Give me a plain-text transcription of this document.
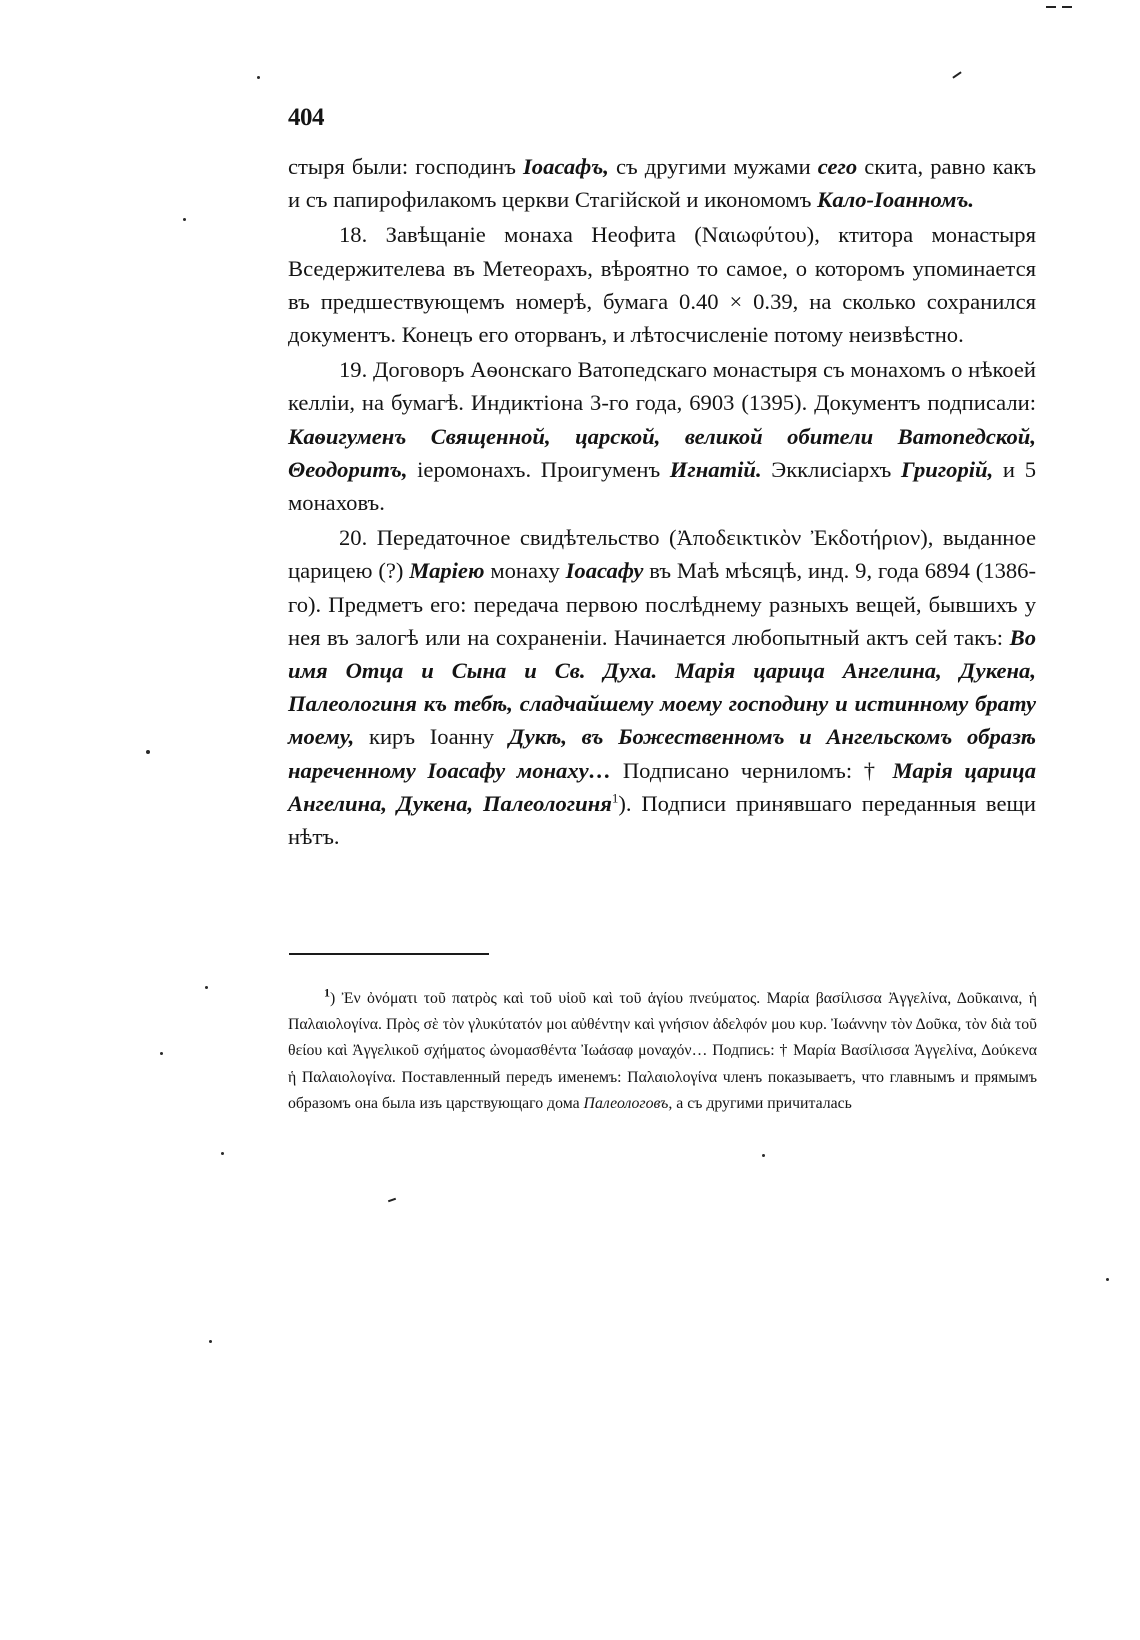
404

стыря были: господинъ Іоасафъ, съ другими мужами сего скита, равно какъ и съ папирофилакомъ церкви Стагійской и икономомъ Кало-Іоанномъ.

18. Завѣщаніе монаха Неофита (Ναιωφύτου), ктитора монастыря Вседержителева въ Метеорахъ, вѣроятно то самое, о которомъ упоминается въ предшествующемъ номерѣ, бумага 0.40 × 0.39, на сколько сохранился документъ. Конецъ его оторванъ, и лѣтосчисленіе потому неизвѣстно.

19. Договоръ Аѳонскаго Ватопедскаго монастыря съ монахомъ о нѣкоей келліи, на бумагѣ. Индиктіона 3-го года, 6903 (1395). Документъ подписали: Каѳигуменъ Священной, царской, великой обители Ватопедской, Θеодоритъ, іеромонахъ. Проигуменъ Игнатій. Экклисіархъ Григорій, и 5 монаховъ.

20. Передаточное свидѣтельство (Ἀποδεικτικὸν Ἐκδοτήριον), выданное царицею (?) Маріею монаху Іоасафу въ Маѣ мѣсяцѣ, инд. 9, года 6894 (1386-го). Предметъ его: передача первою послѣднему разныхъ вещей, бывшихъ у нея въ залогѣ или на сохраненіи. Начинается любопытный актъ сей такъ: Во имя Отца и Сына и Св. Духа. Марія царица Ангелина, Дукена, Палеологиня къ тебѣ, сладчайшему моему господину и истинному брату моему, киръ Іоанну Дукѣ, въ Божественномъ и Ангельскомъ образѣ нареченному Іоасафу монаху… Подписано черниломъ: † Марія царица Ангелина, Дукена, Палеологиня$^1$). Подписи принявшаго переданныя вещи нѣтъ.

$^1$) Ἐν ὀνόματι τοῦ πατρὸς καὶ τοῦ υἱοῦ καὶ τοῦ ἁγίου πνεύματος. Μαρία βασίλισσα Ἀγγελίνα, Δοῦκαινα, ἡ Παλαιολογίνα. Πρὸς σὲ τὸν γλυκύτατόν μοι αὐθέντην καὶ γνήσιον ἀδελφόν μου κυρ. Ἰωάννην τὸν Δοῦκα, τὸν διὰ τοῦ θείου καὶ Ἀγγελικοῦ σχήματος ὠνομασθέντα Ἰωάσαφ μοναχόν… Подпись: † Μαρία Βασίλισσα Ἀγγελίνα, Δούκενα ἡ Παλαιολογίνα. Поставленный передъ именемъ: Παλαιολογίνα членъ показываетъ, что главнымъ и прямымъ образомъ она была изъ царствующаго дома Палеологовъ, а съ другими причиталась
